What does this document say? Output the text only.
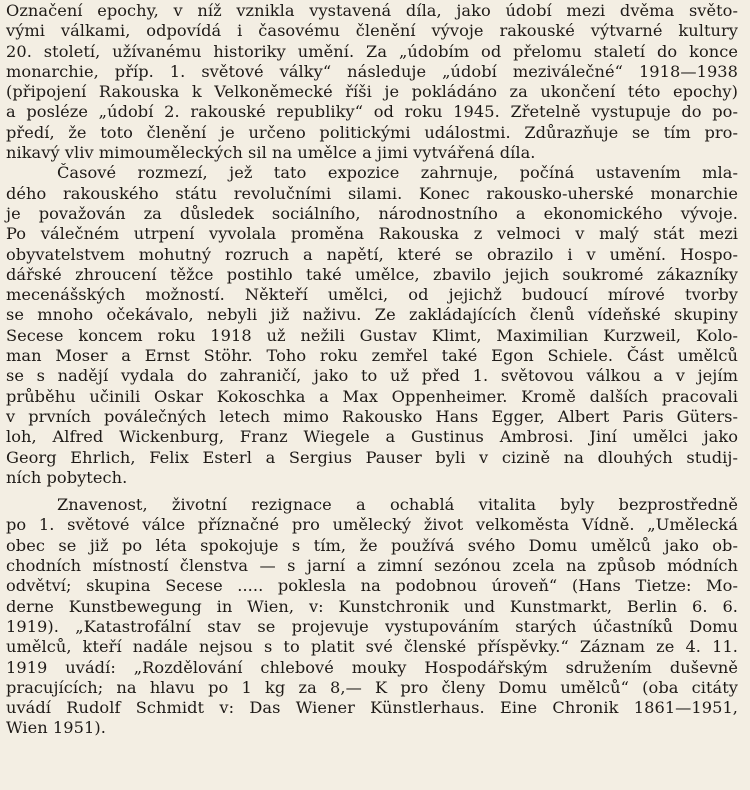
Označení epochy, v níž vznikla vystavená díla, jako údobí mezi dvěma světo-
vými válkami, odpovídá i časovému členění vývoje rakouské výtvarné kultury
20. století, užívanému historiky umění. Za „údobím od přelomu staletí do konce
monarchie, příp. 1. světové války“ následuje „údobí meziválečné“ 1918—1938
(připojení Rakouska k Velkoněmecké říši je pokládáno za ukončení této epochy)
a posléze „údobí 2. rakouské republiky“ od roku 1945. Zřetelně vystupuje do po-
předí, že toto členění je určeno politickými událostmi. Zdůrazňuje se tím pro-
nikavý vliv mimouměleckých sil na umělce a jimi vytvářená díla.
Časové rozmezí, jež tato expozice zahrnuje, počíná ustavením mla-
dého rakouského státu revolučními silami. Konec rakousko-uherské monarchie
je považován za důsledek sociálního, národnostního a ekonomického vývoje.
Po válečném utrpení vyvolala proměna Rakouska z velmoci v malý stát mezi
obyvatelstvem mohutný rozruch a napětí, které se obrazilo i v umění. Hospo-
dářské zhroucení těžce postihlo také umělce, zbavilo jejich soukromé zákazníky
mecenášských možností. Někteří umělci, od jejichž budoucí mírové tvorby
se mnoho očekávalo, nebyli již naživu. Ze zakládajících členů vídeňské skupiny
Secese koncem roku 1918 už nežili Gustav Klimt, Maximilian Kurzweil, Kolo-
man Moser a Ernst Stöhr. Toho roku zemřel také Egon Schiele. Část umělců
se s nadějí vydala do zahraničí, jako to už před 1. světovou válkou a v jejím
průběhu učinili Oskar Kokoschka a Max Oppenheimer. Kromě dalších pracovali
v prvních poválečných letech mimo Rakousko Hans Egger, Albert Paris Güters-
loh, Alfred Wickenburg, Franz Wiegele a Gustinus Ambrosi. Jiní umělci jako
Georg Ehrlich, Felix Esterl a Sergius Pauser byli v cizině na dlouhých studij-
ních pobytech.
Znavenost, životní rezignace a ochablá vitalita byly bezprostředně
po 1. světové válce příznačné pro umělecký život velkoměsta Vídně. „Umělecká
obec se již po léta spokojuje s tím, že používá svého Domu umělců jako ob-
chodních místností členstva — s jarní a zimní sezónou zcela na způsob módních
odvětví; skupina Secese ..... poklesla na podobnou úroveň“ (Hans Tietze: Mo-
derne Kunstbewegung in Wien, v: Kunstchronik und Kunstmarkt, Berlin 6. 6.
1919). „Katastrofální stav se projevuje vystupováním starých účastníků Domu
umělců, kteří nadále nejsou s to platit své členské příspěvky.“ Záznam ze 4. 11.
1919 uvádí: „Rozdělování chlebové mouky Hospodářským sdružením duševně
pracujících; na hlavu po 1 kg za 8,— K pro členy Domu umělců“ (oba citáty
uvádí Rudolf Schmidt v: Das Wiener Künstlerhaus. Eine Chronik 1861—1951,
Wien 1951).
